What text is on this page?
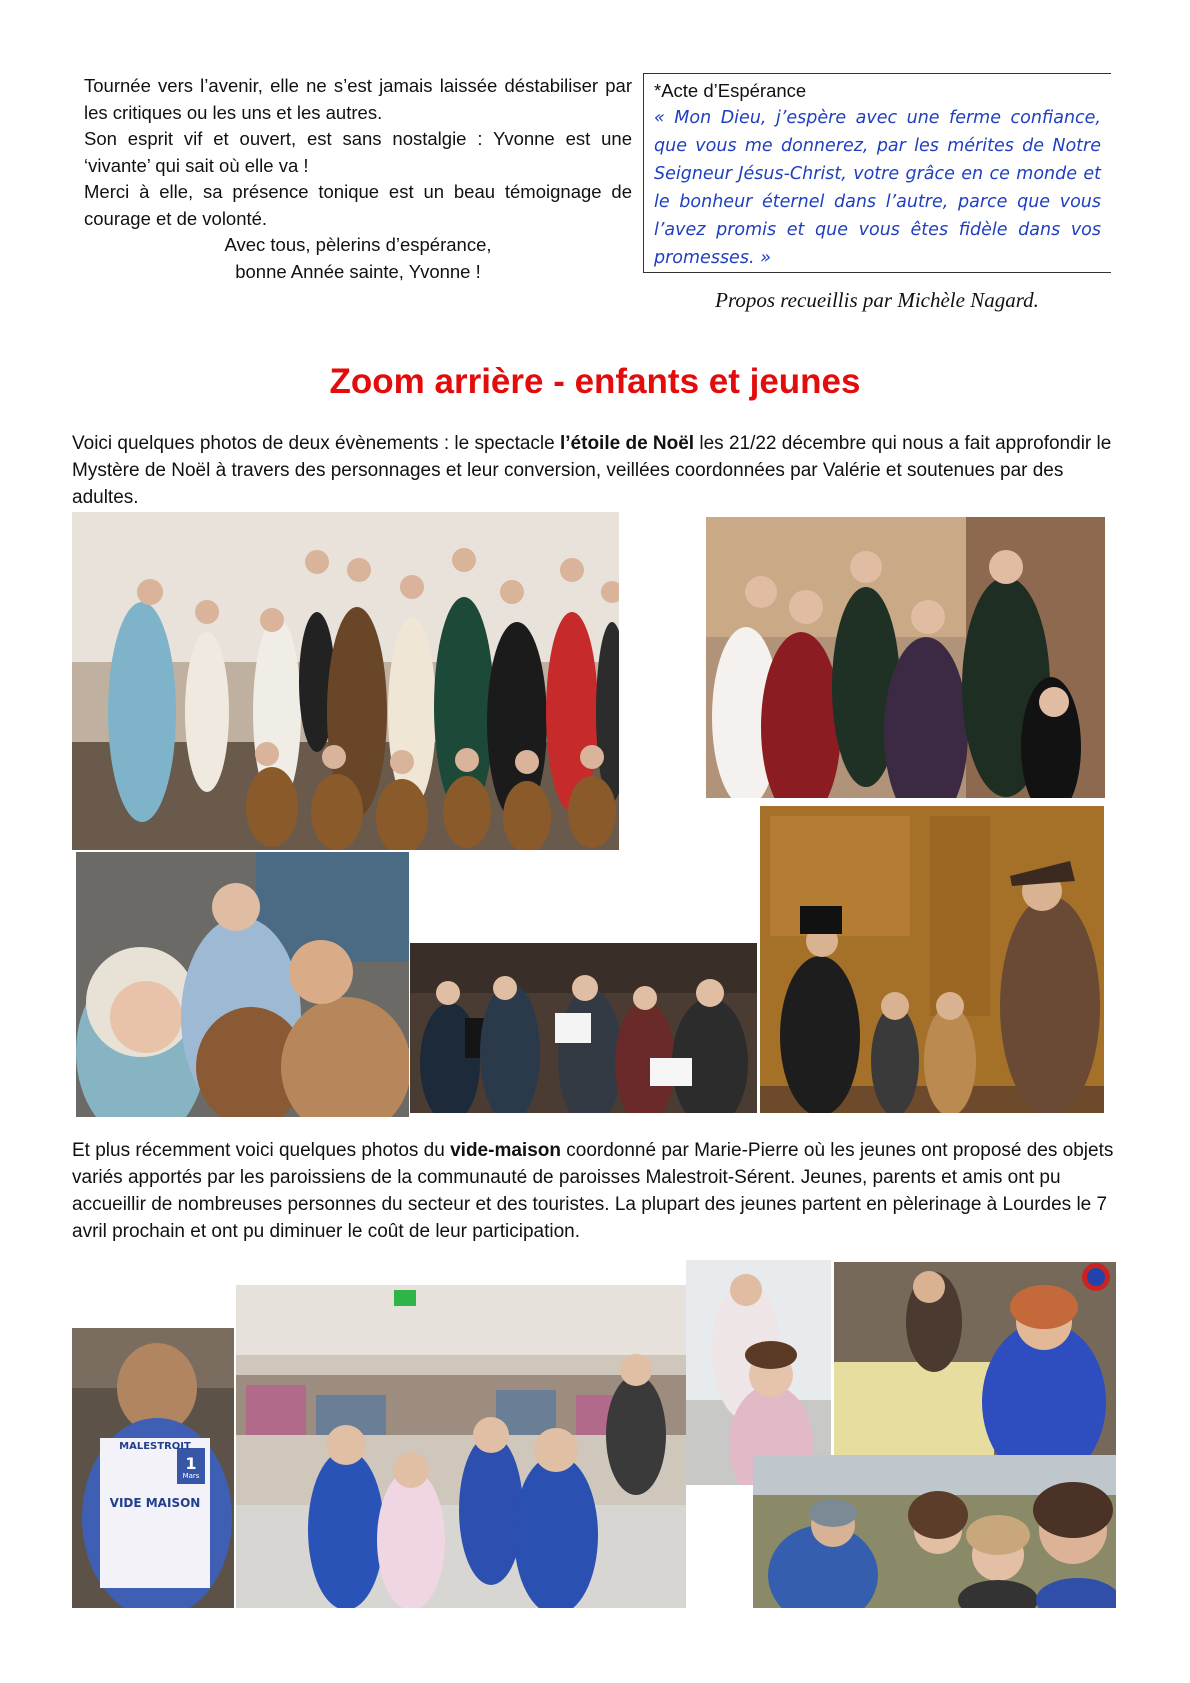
Tournée vers l’avenir, elle ne s’est jamais laissée déstabiliser par les critiques ou les uns et les autres.

Son esprit vif et ouvert, est sans nostalgie : Yvonne est une ‘vivante’ qui sait où elle va !

Merci à elle, sa présence tonique est un beau témoignage de courage et de volonté.

Avec tous, pèlerins d’espérance,

bonne Année sainte, Yvonne !

*Acte d’Espérance

« Mon Dieu, j’espère avec une ferme confiance, que vous me donnerez, par les mérites de Notre Seigneur Jésus-Christ, votre grâce en ce monde et le bonheur éternel dans l’autre, parce que vous l’avez promis et que vous êtes fidèle dans vos promesses. »

Propos recueillis par Michèle Nagard.
Zoom arrière - enfants et jeunes

Voici quelques photos de deux évènements : le spectacle l’étoile de Noël les 21/22 décembre qui nous a fait approfondir le Mystère de Noël à travers des personnages et leur conversion, veillées coordonnées par Valérie et soutenues par des adultes.

Et plus récemment voici quelques photos du vide-maison coordonné par Marie-Pierre où les jeunes ont proposé des objets variés apportés par les paroissiens de la communauté de paroisses Malestroit-Sérent. Jeunes, parents et amis ont pu accueillir de nombreuses personnes du secteur et des touristes. La plupart des jeunes partent en pèlerinage à Lourdes le 7 avril prochain et ont pu diminuer le coût de leur participation.

MALESTROIT
1
Mars
VIDE MAISON
